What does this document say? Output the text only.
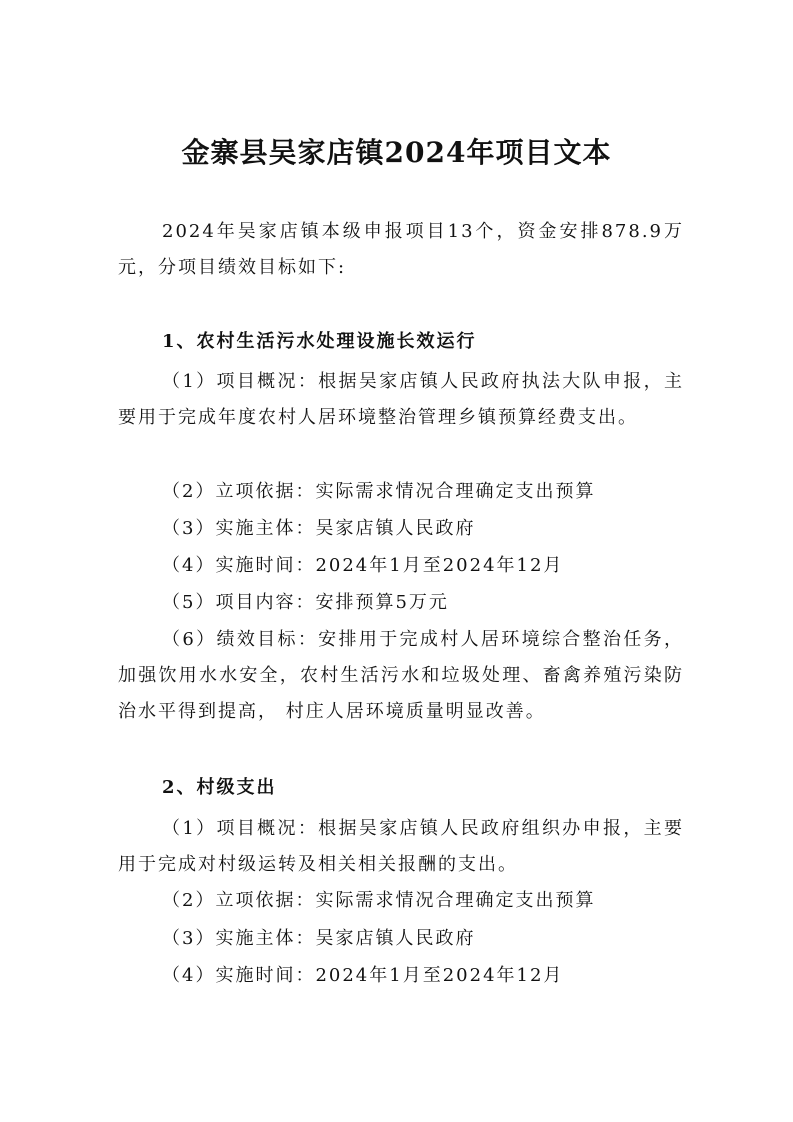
金寨县吴家店镇2024年项目文本

2024年吴家店镇本级申报项目13个，资金安排878.9万元，分项目绩效目标如下:

1、农村生活污水处理设施长效运行

（1）项目概况：根据吴家店镇人民政府执法大队申报，主要用于完成年度农村人居环境整治管理乡镇预算经费支出。

（2）立项依据：实际需求情况合理确定支出预算

（3）实施主体：吴家店镇人民政府

（4）实施时间：2024年1月至2024年12月

（5）项目内容：安排预算5万元

（6）绩效目标：安排用于完成村人居环境综合整治任务，加强饮用水水安全，农村生活污水和垃圾处理、畜禽养殖污染防治水平得到提高， 村庄人居环境质量明显改善。

2、村级支出

（1）项目概况：根据吴家店镇人民政府组织办申报，主要用于完成对村级运转及相关相关报酬的支出。

（2）立项依据：实际需求情况合理确定支出预算

（3）实施主体：吴家店镇人民政府

（4）实施时间：2024年1月至2024年12月
